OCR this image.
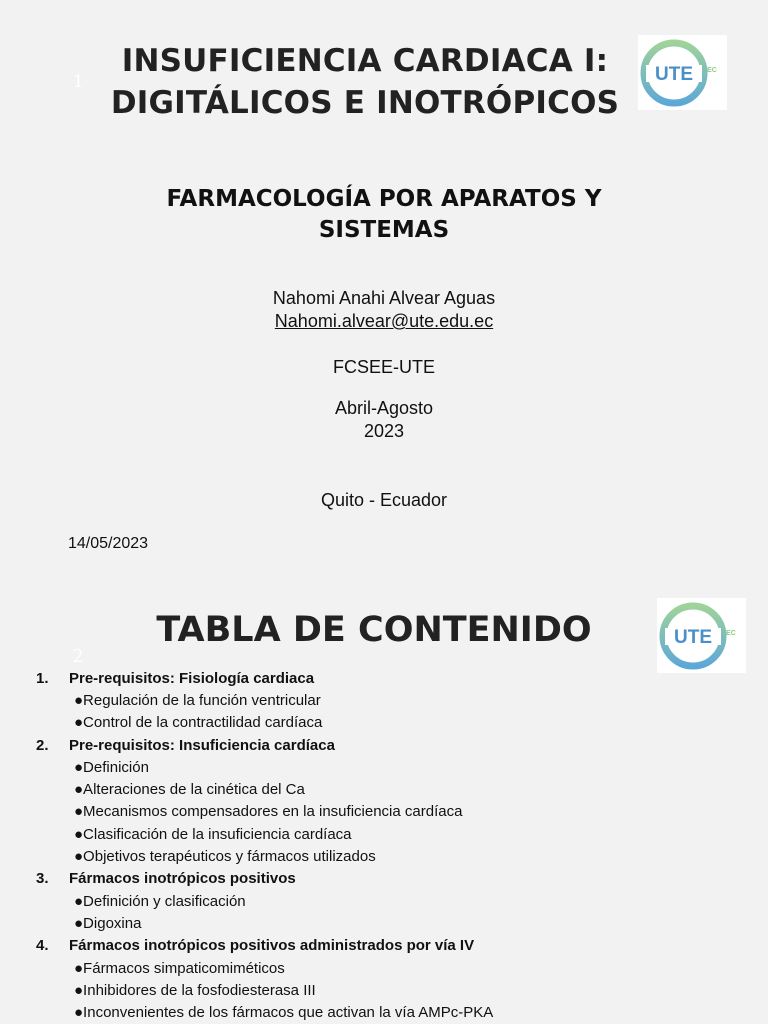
1
INSUFICIENCIA CARDIACA I:
DIGITÁLICOS E INOTRÓPICOS
UTE EC
FARMACOLOGÍA POR APARATOS Y
SISTEMAS
Nahomi Anahi Alvear Aguas
Nahomi.alvear@ute.edu.ec
FCSEE-UTE
Abril-Agosto
2023
Quito - Ecuador
14/05/2023
2
TABLA DE CONTENIDO	UTE EC
1.	Pre-requisitos: Fisiología cardiaca
●Regulación de la función ventricular
●Control de la contractilidad cardíaca
2.	Pre-requisitos: Insuficiencia cardíaca
●Definición
●Alteraciones de la cinética del Ca
●Mecanismos compensadores en la insuficiencia cardíaca
●Clasificación de la insuficiencia cardíaca
●Objetivos terapéuticos y fármacos utilizados
3.	Fármacos inotrópicos positivos
●Definición y clasificación
●Digoxina
4.	Fármacos inotrópicos positivos administrados por vía IV
●Fármacos simpaticomiméticos
●Inhibidores de la fosfodiesterasa III
●Inconvenientes de los fármacos que activan la vía AMPc-PKA
